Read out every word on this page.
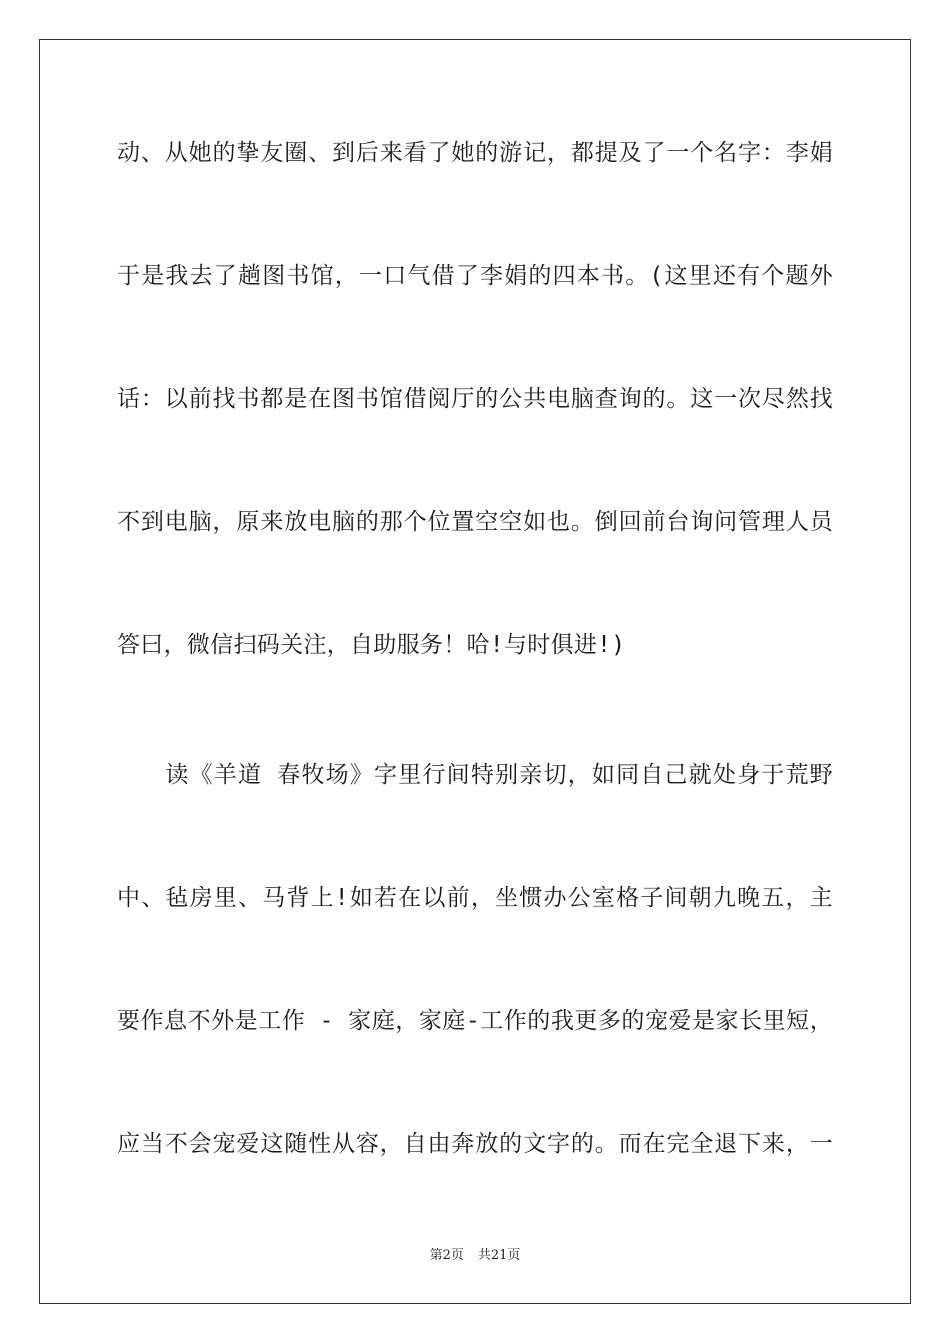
动、从她的挚友圈、到后来看了她的游记，都提及了一个名字：李娟
于是我去了趟图书馆，一口气借了李娟的四本书。(这里还有个题外
话：以前找书都是在图书馆借阅厅的公共电脑查询的。这一次尽然找
不到电脑，原来放电脑的那个位置空空如也。倒回前台询问管理人员
答曰，微信扫码关注，自助服务！哈!与时俱进!)
　　读《羊道 春牧场》字里行间特别亲切，如同自己就处身于荒野
中、毡房里、马背上!如若在以前，坐惯办公室格子间朝九晚五，主
要作息不外是工作 - 家庭，家庭-工作的我更多的宠爱是家长里短，
应当不会宠爱这随性从容，自由奔放的文字的。而在完全退下来，一
第2页 共21页
